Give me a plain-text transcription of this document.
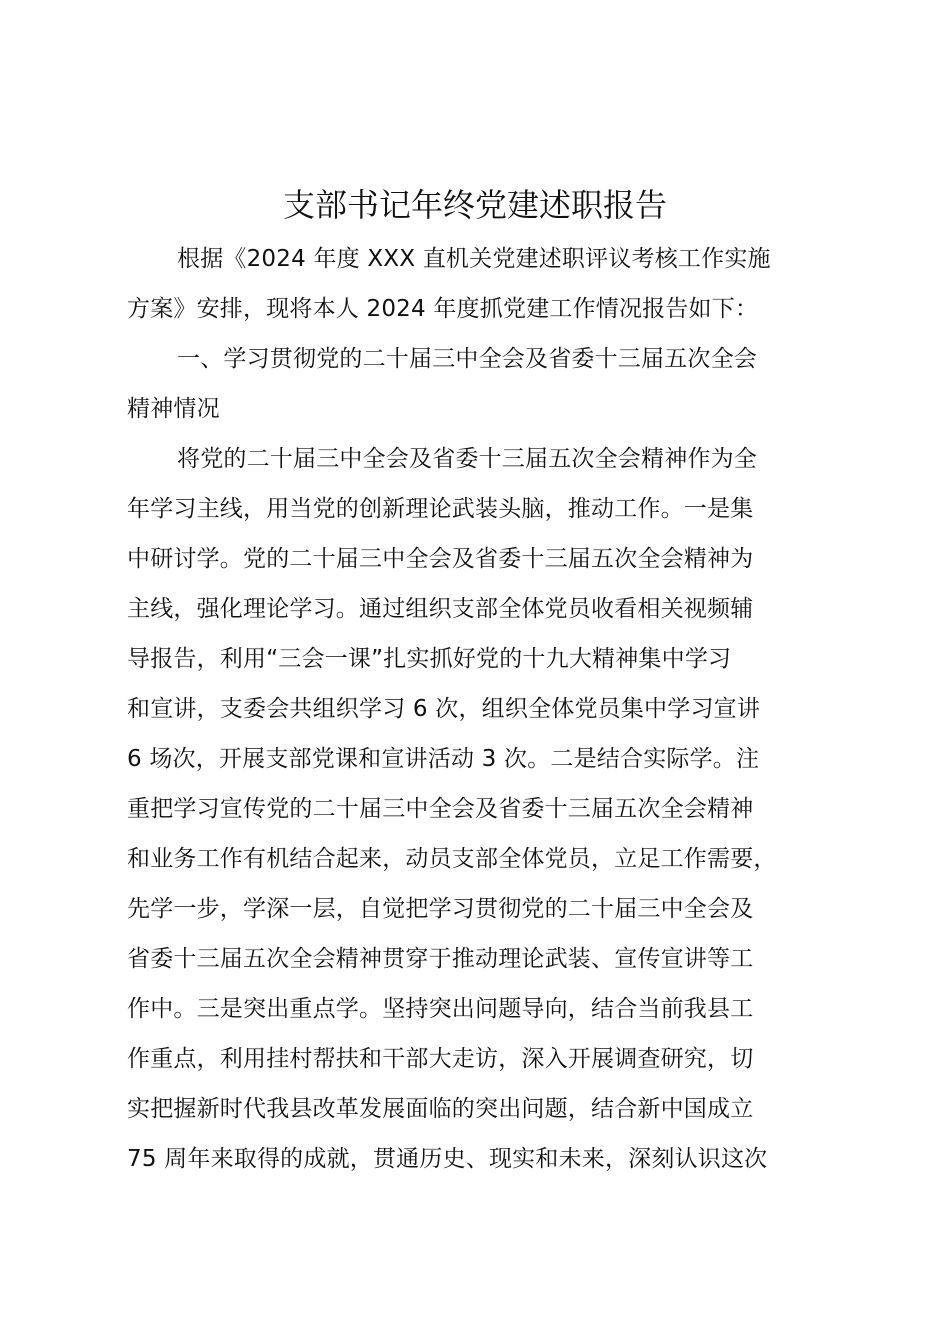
支部书记年终党建述职报告
根据《2024 年度 XXX 直机关党建述职评议考核工作实施
方案》安排，现将本人 2024 年度抓党建工作情况报告如下：
一、学习贯彻党的二十届三中全会及省委十三届五次全会
精神情况
将党的二十届三中全会及省委十三届五次全会精神作为全
年学习主线，用当党的创新理论武装头脑，推动工作。一是集
中研讨学。党的二十届三中全会及省委十三届五次全会精神为
主线，强化理论学习。通过组织支部全体党员收看相关视频辅
导报告，利用“三会一课”扎实抓好党的十九大精神集中学习
和宣讲，支委会共组织学习 6 次，组织全体党员集中学习宣讲
6 场次，开展支部党课和宣讲活动 3 次。二是结合实际学。注
重把学习宣传党的二十届三中全会及省委十三届五次全会精神
和业务工作有机结合起来，动员支部全体党员，立足工作需要，
先学一步，学深一层，自觉把学习贯彻党的二十届三中全会及
省委十三届五次全会精神贯穿于推动理论武装、宣传宣讲等工
作中。三是突出重点学。坚持突出问题导向，结合当前我县工
作重点，利用挂村帮扶和干部大走访，深入开展调查研究，切
实把握新时代我县改革发展面临的突出问题，结合新中国成立
75 周年来取得的成就，贯通历史、现实和未来，深刻认识这次
